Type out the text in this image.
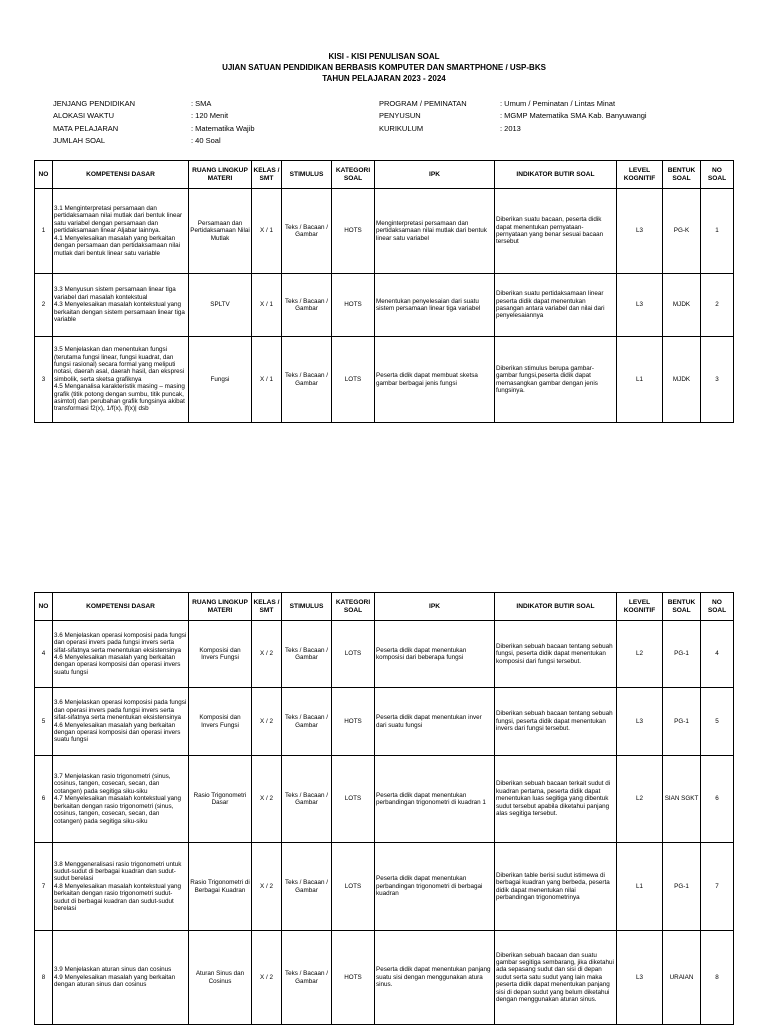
KISI - KISI PENULISAN SOAL
UJIAN SATUAN PENDIDIKAN BERBASIS KOMPUTER DAN SMARTPHONE / USP-BKS
TAHUN PELAJARAN 2023 - 2024
JENJANG PENDIDIKAN	: SMA
ALOKASI WAKTU	: 120 Menit
MATA PELAJARAN	: Matematika Wajib
JUMLAH SOAL	: 40 Soal
PROGRAM / PEMINATAN	: Umum / Peminatan / Lintas Minat
PENYUSUN	: MGMP Matematika SMA Kab. Banyuwangi
KURIKULUM	: 2013
NO	KOMPETENSI DASAR	RUANG LINGKUP MATERI	KELAS / SMT	STIMULUS	KATEGORI SOAL	IPK	INDIKATOR BUTIR SOAL	LEVEL KOGNITIF	BENTUK SOAL	NO SOAL
1	3.1 Menginterpretasi persamaan dan pertidaksamaan nilai mutlak dari bentuk linear satu variabel dengan persamaan dan pertidaksamaan linear Aljabar lainnya.
4.1 Menyelesaikan masalah yang berkaitan dengan persamaan dan pertidaksamaan nilai mutlak dari bentuk linear satu variable	Persamaan dan Pertidaksamaan Nilai Mutlak	X / 1	Teks / Bacaan / Gambar	HOTS	Menginterpretasi persamaan dan pertidaksamaan nilai mutlak dari bentuk linear satu variabel	Diberikan suatu bacaan, peserta didik dapat menentukan pernyataan-pernyataan yang benar sesuai bacaan tersebut	L3	PG-K	1
2	3.3 Menyusun sistem persamaan linear tiga variabel dari masalah kontekstual
4.3 Menyelesaikan masalah kontekstual yang berkaitan dengan sistem persamaan linear tiga variable	SPLTV	X / 1	Teks / Bacaan / Gambar	HOTS	Menentukan penyelesaian dari suatu sistem persamaan linear tiga variabel	Diberikan suatu pertidaksamaan linear peserta didik dapat menentukan pasangan antara variabel dan nilai dari penyelesaiannya	L3	MJDK	2
3	3.5 Menjelaskan dan menentukan fungsi (terutama fungsi linear, fungsi kuadrat, dan fungsi rasional) secara formal yang meliputi notasi, daerah asal, daerah hasil, dan ekspresi simbolik, serta sketsa grafiknya
4.5 Menganalisa karakteristik masing – masing grafik (titik potong dengan sumbu, titik puncak, asimtot) dan perubahan grafik fungsinya akibat transformasi f2(x), 1/f(x), |f(x)| dsb	Fungsi	X / 1	Teks / Bacaan / Gambar	LOTS	Peserta didik dapat membuat sketsa gambar berbagai jenis fungsi	Diberikan stimulus berupa gambar-gambar fungsi,peserta didik dapat memasangkan gambar dengan jenis fungsinya.	L1	MJDK	3
NO	KOMPETENSI DASAR	RUANG LINGKUP MATERI	KELAS / SMT	STIMULUS	KATEGORI SOAL	IPK	INDIKATOR BUTIR SOAL	LEVEL KOGNITIF	BENTUK SOAL	NO SOAL
4	3.6 Menjelaskan operasi komposisi pada fungsi dan operasi invers pada fungsi invers serta sifat-sifatnya serta menentukan eksistensinya
4.6 Menyelesaikan masalah yang berkaitan dengan operasi komposisi dan operasi invers suatu fungsi	Komposisi dan Invers Fungsi	X / 2	Teks / Bacaan / Gambar	LOTS	Peserta didik dapat menentukan komposisi dari beberapa fungsi	Diberikan sebuah bacaan tentang sebuah fungsi, peserta didik dapat menentukan komposisi dari fungsi tersebut.	L2	PG-1	4
5	3.6 Menjelaskan operasi komposisi pada fungsi dan operasi invers pada fungsi invers serta sifat-sifatnya serta menentukan eksistensinya
4.6 Menyelesaikan masalah yang berkaitan dengan operasi komposisi dan operasi invers suatu fungsi	Komposisi dan Invers Fungsi	X / 2	Teks / Bacaan / Gambar	HOTS	Peserta didik dapat menentukan inver dari suatu fungsi	Diberikan sebuah bacaan tentang sebuah fungsi, peserta didik dapat menentukan invers dari fungsi tersebut.	L3	PG-1	5
6	3.7 Menjelaskan rasio trigonometri (sinus, cosinus, tangen, cosecan, secan, dan cotangen) pada segitiga siku-siku
4.7 Menyelesaikan masalah kontekstual yang berkaitan dengan rasio trigonometri (sinus, cosinus, tangen, cosecan, secan, dan cotangen) pada segitiga siku-siku	Rasio Trigonometri Dasar	X / 2	Teks / Bacaan / Gambar	LOTS	Peserta didik dapat menentukan perbandingan trigonometri di kuadran 1	Diberikan sebuah bacaan terkait sudut di kuadran pertama, peserta didik dapat menentukan luas segitiga yang dibentuk sudut tersebut apabila diketahui panjang alas segitiga tersebut.	L2	SIAN SGKT	6
7	3.8 Menggeneralisasi rasio trigonometri untuk sudut-sudut di berbagai kuadran dan sudut-sudut berelasi
4.8 Menyelesaikan masalah kontekstual yang berkaitan dengan rasio trigonometri sudut-sudut di berbagai kuadran dan sudut-sudut berelasi	Rasio Trigonometri di Berbagai Kuadran	X / 2	Teks / Bacaan / Gambar	LOTS	Peserta didik dapat menentukan perbandingan trigonometri di berbagai kuadran	Diberikan table berisi sudut istimewa di berbagai kuadran yang berbeda, peserta didik dapat menentukan nilai perbandingan trigonometrinya	L1	PG-1	7
8	3.9 Menjelaskan aturan sinus dan cosinus
4.9 Menyelesaikan masalah yang berkaitan dengan aturan sinus dan cosinus	Aturan Sinus dan Cosinus	X / 2	Teks / Bacaan / Gambar	HOTS	Peserta didik dapat menentukan panjang suatu sisi dengan menggunakan atura sinus.	Diberikan sebuah bacaan dan suatu gambar segitiga sembarang, jika diketahui ada sepasang sudut dan sisi di depan sudut serta satu sudut yang lain maka peserta didik dapat menentukan panjang sisi di depan sudut yang belum diketahui dengan menggunakan aturan sinus.	L3	URAIAN	8
